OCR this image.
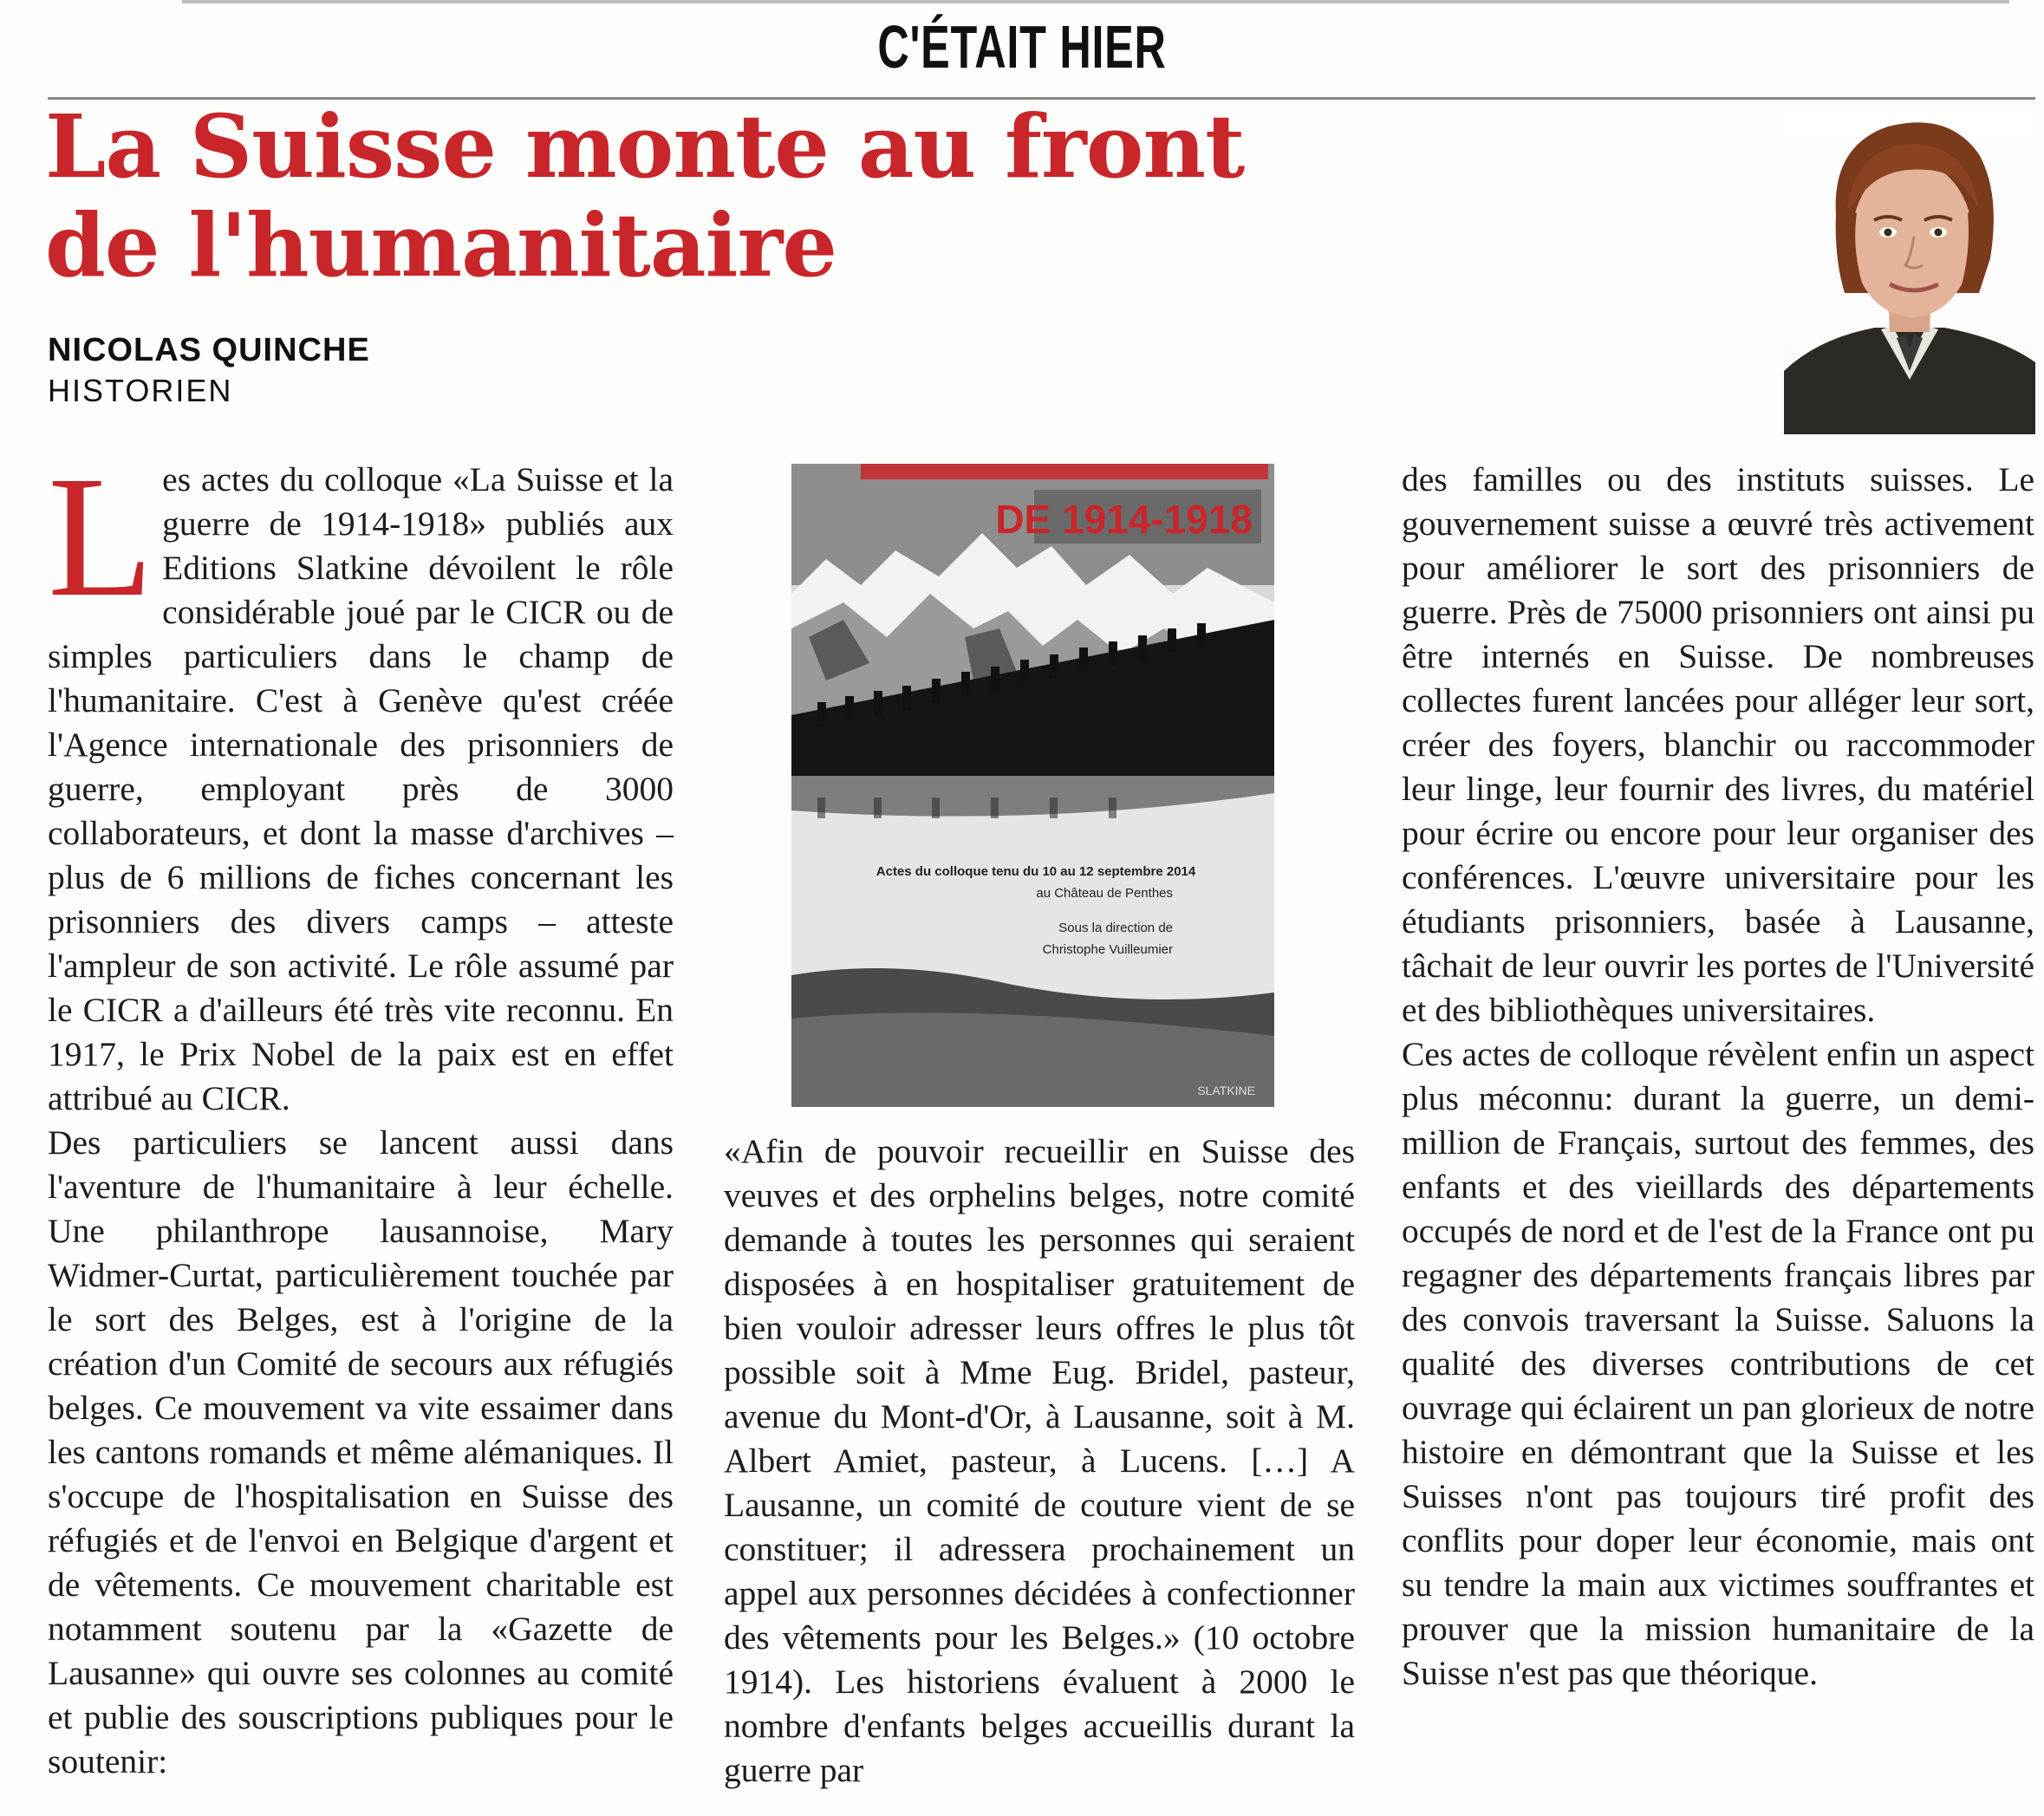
C'ÉTAIT HIER
La Suisse monte au front
de l'humanitaire
NICOLAS QUINCHE
HISTORIEN

Les actes du colloque «La Suisse et la guerre de 1914-1918» publiés aux Editions Slatkine dévoilent le rôle considérable joué par le CICR ou de simples particuliers dans le champ de l'humanitaire. C'est à Genève qu'est créée l'Agence internationale des prisonniers de guerre, employant près de 3000 collaborateurs, et dont la masse d'archives – plus de 6 millions de fiches concernant les prisonniers des divers camps – atteste l'ampleur de son activité. Le rôle assumé par le CICR a d'ailleurs été très vite reconnu. En 1917, le Prix Nobel de la paix est en effet attribué au CICR.

Des particuliers se lancent aussi dans l'aventure de l'humanitaire à leur échelle. Une philanthrope lausannoise, Mary Widmer-Curtat, particulièrement touchée par le sort des Belges, est à l'origine de la création d'un Comité de secours aux réfugiés belges. Ce mouvement va vite essaimer dans les cantons romands et même alémaniques. Il s'occupe de l'hospitalisation en Suisse des réfugiés et de l'envoi en Belgique d'argent et de vêtements. Ce mouvement charitable est notamment soutenu par la «Gazette de Lausanne» qui ouvre ses colonnes au comité et publie des souscriptions publiques pour le soutenir:

DE 1914-1918
Actes du colloque tenu du 10 au 12 septembre 2014
au Château de Penthes
Sous la direction de
Christophe Vuilleumier
SLATKINE

«Afin de pouvoir recueillir en Suisse des veuves et des orphelins belges, notre comité demande à toutes les personnes qui seraient disposées à en hospitaliser gratuitement de bien vouloir adresser leurs offres le plus tôt possible soit à Mme Eug. Bridel, pasteur, avenue du Mont-d'Or, à Lausanne, soit à M. Albert Amiet, pasteur, à Lucens. […] A Lausanne, un comité de couture vient de se constituer; il adressera prochainement un appel aux personnes décidées à confectionner des vêtements pour les Belges.» (10 octobre 1914). Les historiens évaluent à 2000 le nombre d'enfants belges accueillis durant la guerre par

des familles ou des instituts suisses. Le gouvernement suisse a œuvré très activement pour améliorer le sort des prisonniers de guerre. Près de 75000 prisonniers ont ainsi pu être internés en Suisse. De nombreuses collectes furent lancées pour alléger leur sort, créer des foyers, blanchir ou raccommoder leur linge, leur fournir des livres, du matériel pour écrire ou encore pour leur organiser des conférences. L'œuvre universitaire pour les étudiants prisonniers, basée à Lausanne, tâchait de leur ouvrir les portes de l'Université et des bibliothèques universitaires.

Ces actes de colloque révèlent enfin un aspect plus méconnu: durant la guerre, un demi-million de Français, surtout des femmes, des enfants et des vieillards des départements occupés de nord et de l'est de la France ont pu regagner des départements français libres par des convois traversant la Suisse. Saluons la qualité des diverses contributions de cet ouvrage qui éclairent un pan glorieux de notre histoire en démontrant que la Suisse et les Suisses n'ont pas toujours tiré profit des conflits pour doper leur économie, mais ont su tendre la main aux victimes souffrantes et prouver que la mission humanitaire de la Suisse n'est pas que théorique.
